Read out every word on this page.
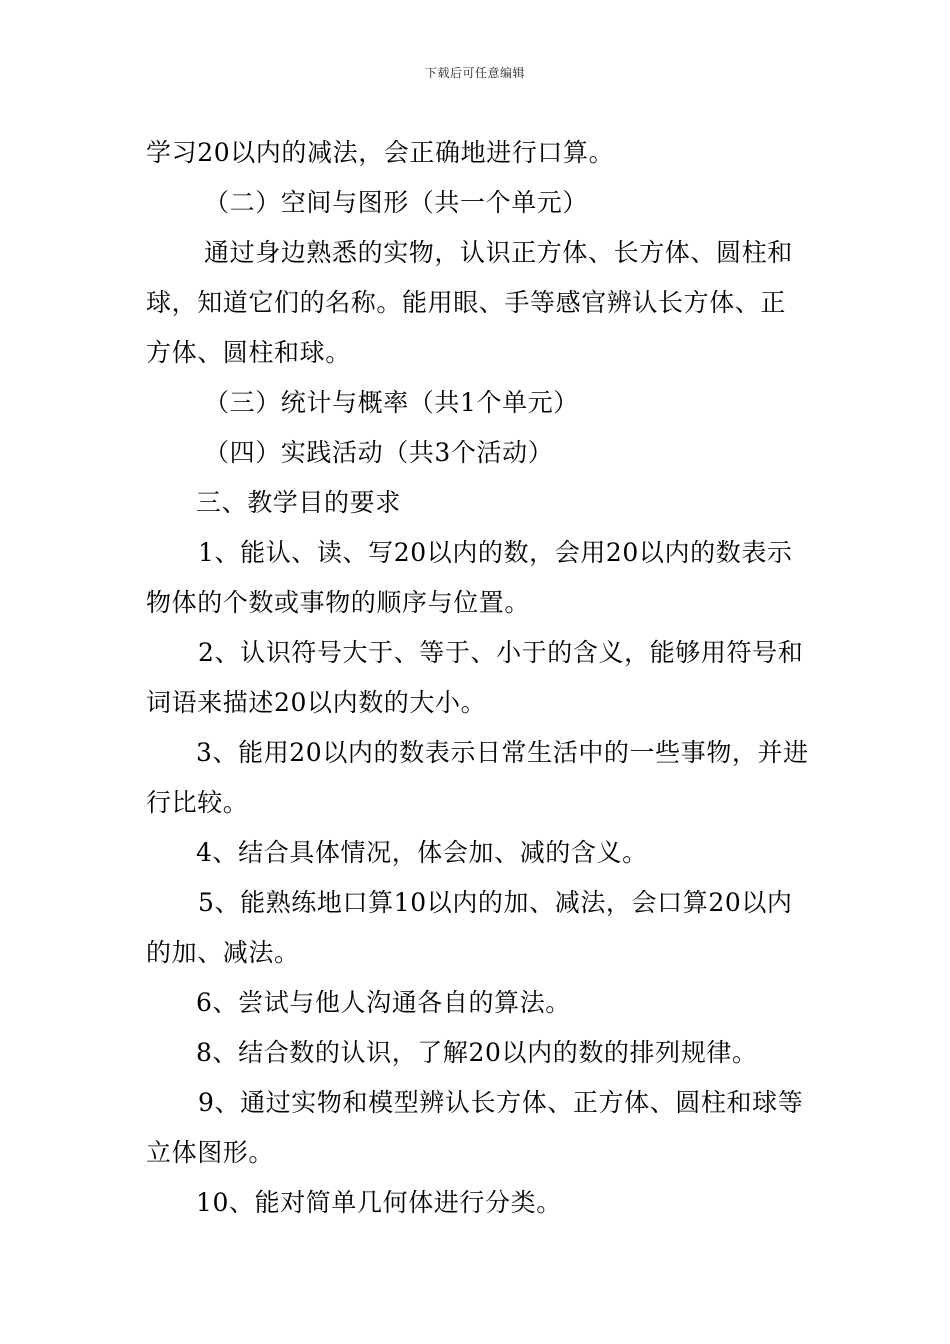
下载后可任意编辑
学习20以内的减法，会正确地进行口算。
（二）空间与图形（共一个单元）
通过身边熟悉的实物，认识正方体、长方体、圆柱和
球，知道它们的名称。能用眼、手等感官辨认长方体、正
方体、圆柱和球。
（三）统计与概率（共1个单元）
（四）实践活动（共3个活动）
三、教学目的要求
1、能认、读、写20以内的数，会用20以内的数表示
物体的个数或事物的顺序与位置。
2、认识符号大于、等于、小于的含义，能够用符号和
词语来描述20以内数的大小。
3、能用20以内的数表示日常生活中的一些事物，并进
行比较。
4、结合具体情况，体会加、减的含义。
5、能熟练地口算10以内的加、减法，会口算20以内
的加、减法。
6、尝试与他人沟通各自的算法。
8、结合数的认识，了解20以内的数的排列规律。
9、通过实物和模型辨认长方体、正方体、圆柱和球等
立体图形。
10、能对简单几何体进行分类。
